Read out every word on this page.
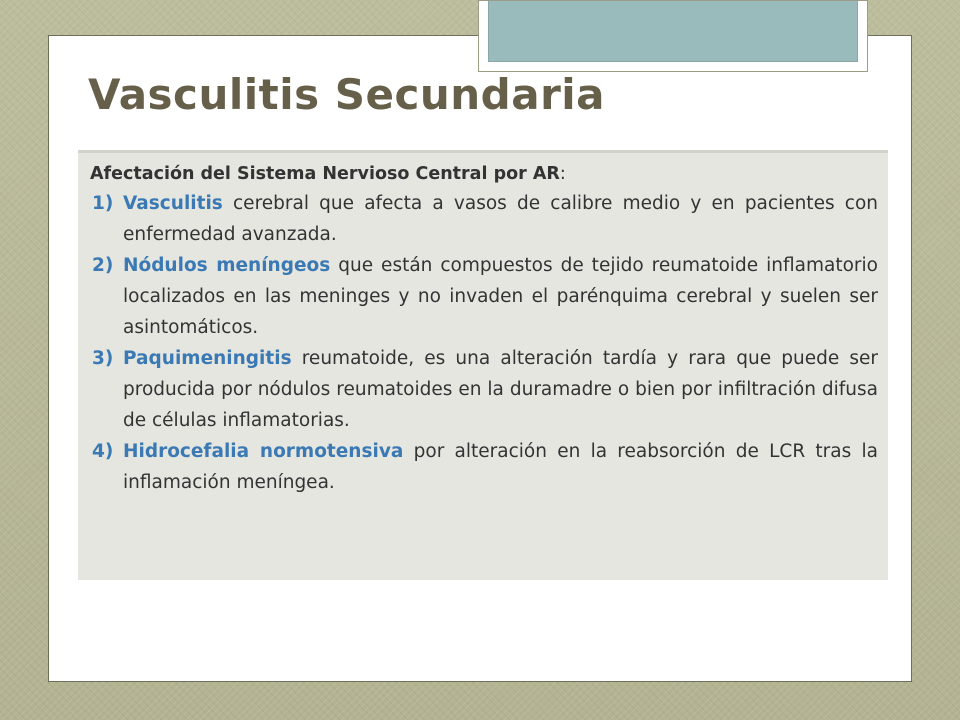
Vasculitis Secundaria

Afectación del Sistema Nervioso Central por AR:

1) Vasculitis cerebral que afecta a vasos de calibre medio y en pacientes con enfermedad avanzada.
2) Nódulos meníngeos que están compuestos de tejido reumatoide inflamatorio localizados en las meninges y no invaden el parénquima cerebral y suelen ser asintomáticos.
3) Paquimeningitis reumatoide, es una alteración tardía y rara que puede ser producida por nódulos reumatoides en la duramadre o bien por infiltración difusa de células inflamatorias.
4) Hidrocefalia normotensiva por alteración en la reabsorción de LCR tras la inflamación meníngea.
